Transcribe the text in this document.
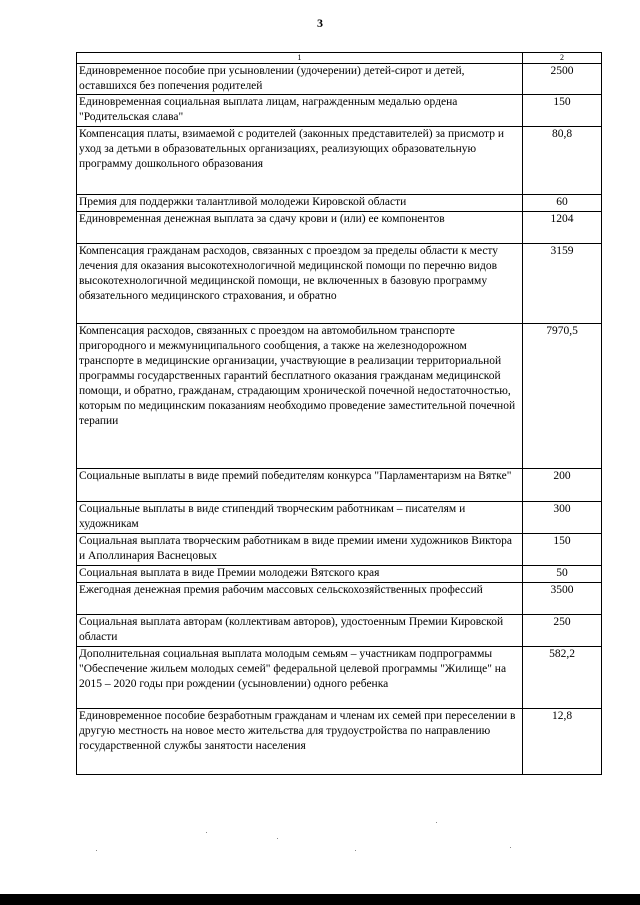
3
1	2
Единовременное пособие при усыновлении (удочерении) детей-сирот и детей, оставшихся без попечения родителей	2500
Единовременная социальная выплата лицам, награжденным медалью ордена "Родительская слава"	150
Компенсация платы, взимаемой с родителей (законных представителей) за присмотр и уход за детьми в образовательных организациях, реализующих образовательную программу дошкольного образования	80,8
Премия для поддержки талантливой молодежи Кировской области	60
Единовременная денежная выплата за сдачу крови и (или) ее компонентов	1204
Компенсация гражданам расходов, связанных с проездом за пределы области к месту лечения для оказания высокотехнологичной медицинской помощи по перечню видов высокотехнологичной медицинской помощи, не включенных в базовую программу обязательного медицинского страхования, и обратно	3159
Компенсация расходов, связанных с проездом на автомобильном транспорте пригородного и межмуниципального сообщения, а также на железнодорожном транспорте в медицинские организации, участвующие в реализации территориальной программы государственных гарантий бесплатного оказания гражданам медицинской помощи, и обратно, гражданам, страдающим хронической почечной недостаточностью, которым по медицинским показаниям необходимо проведение заместительной почечной терапии	7970,5
Социальные выплаты в виде премий победителям конкурса "Парламентаризм на Вятке"	200
Социальные выплаты в виде стипендий творческим работникам – писателям и художникам	300
Социальная выплата творческим работникам в виде премии имени художников Виктора и Аполлинария Васнецовых	150
Социальная выплата в виде Премии молодежи Вятского края	50
Ежегодная денежная премия рабочим массовых сельскохозяйственных профессий	3500
Социальная выплата авторам (коллективам авторов), удостоенным Премии Кировской области	250
Дополнительная социальная выплата молодым семьям – участникам подпрограммы "Обеспечение жильем молодых семей" федеральной целевой программы "Жилище" на 2015 – 2020 годы при рождении (усыновлении) одного ребенка	582,2
Единовременное пособие безработным гражданам и членам их семей при переселении в другую местность на новое место жительства для трудоустройства по направлению государственной службы занятости населения	12,8
